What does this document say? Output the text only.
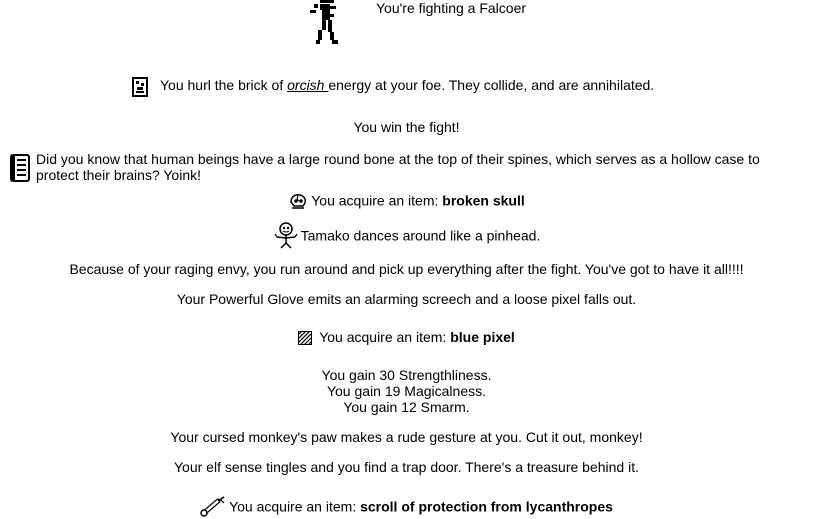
You're fighting a Falcoer
You hurl the brick of orcish energy at your foe. They collide, and are annihilated.
You win the fight!
Did you know that human beings have a large round bone at the top of their spines, which serves as a hollow case to
protect their brains? Yoink!
You acquire an item: broken skull
Tamako dances around like a pinhead.
Because of your raging envy, you run around and pick up everything after the fight. You've got to have it all!!!!
Your Powerful Glove emits an alarming screech and a loose pixel falls out.
You acquire an item: blue pixel
You gain 30 Strengthliness.
You gain 19 Magicalness.
You gain 12 Smarm.
Your cursed monkey's paw makes a rude gesture at you. Cut it out, monkey!
Your elf sense tingles and you find a trap door. There's a treasure behind it.
You acquire an item: scroll of protection from lycanthropes
